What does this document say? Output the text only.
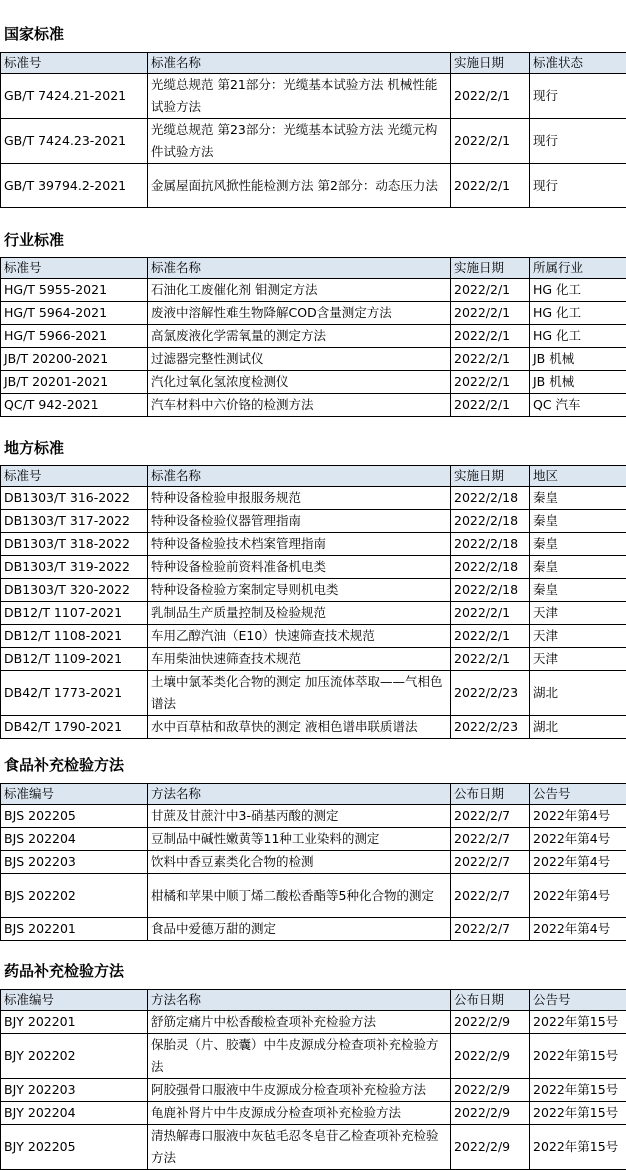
国家标准
标准号	标准名称	实施日期	标准状态
GB/T 7424.21-2021	光缆总规范 第21部分：光缆基本试验方法 机械性能试验方法	2022/2/1	现行
GB/T 7424.23-2021	光缆总规范 第23部分：光缆基本试验方法 光缆元构件试验方法	2022/2/1	现行
GB/T 39794.2-2021	金属屋面抗风掀性能检测方法 第2部分：动态压力法	2022/2/1	现行
行业标准
标准号	标准名称	实施日期	所属行业
HG/T 5955-2021	石油化工废催化剂 钼测定方法	2022/2/1	HG 化工
HG/T 5964-2021	废液中溶解性难生物降解COD含量测定方法	2022/2/1	HG 化工
HG/T 5966-2021	高氯废液化学需氧量的测定方法	2022/2/1	HG 化工
JB/T 20200-2021	过滤器完整性测试仪	2022/2/1	JB 机械
JB/T 20201-2021	汽化过氧化氢浓度检测仪	2022/2/1	JB 机械
QC/T 942-2021	汽车材料中六价铬的检测方法	2022/2/1	QC 汽车
地方标准
标准号	标准名称	实施日期	地区
DB1303/T 316-2022	特种设备检验申报服务规范	2022/2/18	秦皇
DB1303/T 317-2022	特种设备检验仪器管理指南	2022/2/18	秦皇
DB1303/T 318-2022	特种设备检验技术档案管理指南	2022/2/18	秦皇
DB1303/T 319-2022	特种设备检验前资料准备机电类	2022/2/18	秦皇
DB1303/T 320-2022	特种设备检验方案制定导则机电类	2022/2/18	秦皇
DB12/T 1107-2021	乳制品生产质量控制及检验规范	2022/2/1	天津
DB12/T 1108-2021	车用乙醇汽油（E10）快速筛查技术规范	2022/2/1	天津
DB12/T 1109-2021	车用柴油快速筛查技术规范	2022/2/1	天津
DB42/T 1773-2021	土壤中氯苯类化合物的测定 加压流体萃取——气相色谱法	2022/2/23	湖北
DB42/T 1790-2021	水中百草枯和敌草快的测定 液相色谱串联质谱法	2022/2/23	湖北
食品补充检验方法
标准编号	方法名称	公布日期	公告号
BJS 202205	甘蔗及甘蔗汁中3-硝基丙酸的测定	2022/2/7	2022年第4号
BJS 202204	豆制品中碱性嫩黄等11种工业染料的测定	2022/2/7	2022年第4号
BJS 202203	饮料中香豆素类化合物的检测	2022/2/7	2022年第4号
BJS 202202	柑橘和苹果中顺丁烯二酸松香酯等5种化合物的测定	2022/2/7	2022年第4号
BJS 202201	食品中爱德万甜的测定	2022/2/7	2022年第4号
药品补充检验方法
标准编号	方法名称	公布日期	公告号
BJY 202201	舒筋定痛片中松香酸检查项补充检验方法	2022/2/9	2022年第15号
BJY 202202	保胎灵（片、胶囊）中牛皮源成分检查项补充检验方法	2022/2/9	2022年第15号
BJY 202203	阿胶强骨口服液中牛皮源成分检查项补充检验方法	2022/2/9	2022年第15号
BJY 202204	龟鹿补肾片中牛皮源成分检查项补充检验方法	2022/2/9	2022年第15号
BJY 202205	清热解毒口服液中灰毡毛忍冬皂苷乙检查项补充检验方法	2022/2/9	2022年第15号
